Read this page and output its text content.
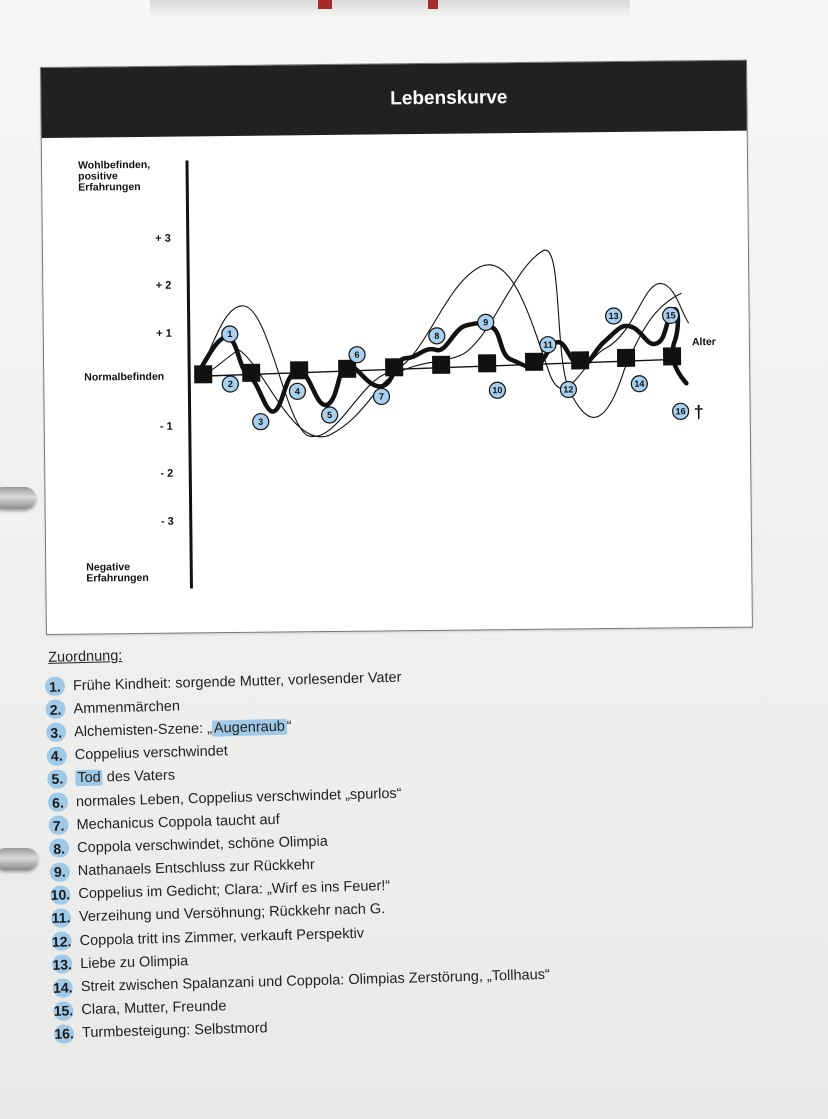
Lebenskurve
Wohlbefinden, positive Erfahrungen
Negative Erfahrungen
Normalbefinden
+ 3
+ 2
+ 1
- 1
- 2
- 3
1
2
3
4
5
6
7
8
9
10
11
12
13
14
15
16
Alter
†
Zuordnung:
1. Frühe Kindheit: sorgende Mutter, vorlesender Vater
2. Ammenmärchen
3. Alchemisten-Szene: „ Augenraub “
4. Coppelius verschwindet
5. Tod des Vaters
6. normales Leben, Coppelius verschwindet „spurlos“
7. Mechanicus Coppola taucht auf
8. Coppola verschwindet, schöne Olimpia
9. Nathanaels Entschluss zur Rückkehr
10. Coppelius im Gedicht; Clara: „Wirf es ins Feuer!“
11. Verzeihung und Versöhnung; Rückkehr nach G.
12. Coppola tritt ins Zimmer, verkauft Perspektiv
13. Liebe zu Olimpia
14. Streit zwischen Spalanzani und Coppola: Olimpias Zerstörung, „Tollhaus“
15. Clara, Mutter, Freunde
16. Turmbesteigung: Selbstmord
